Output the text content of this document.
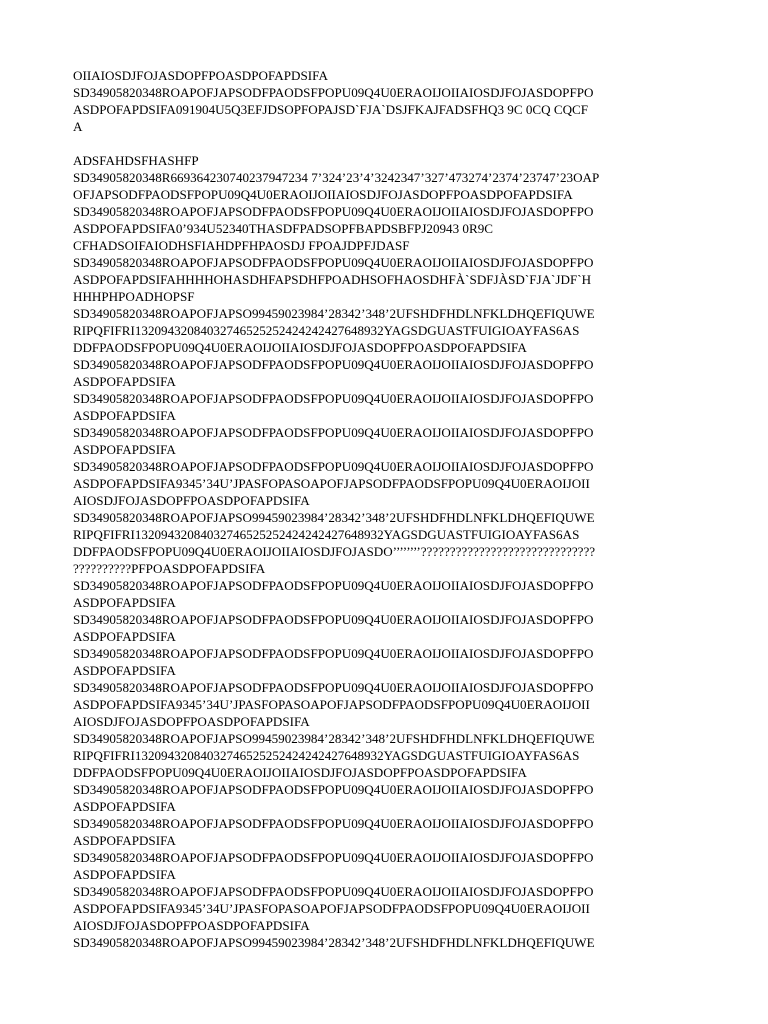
OIIAIOSDJFOJASDOPFPOASDPOFAPDSIFA
SD34905820348ROAPOFJAPSODFPAODSFPOPU09Q4U0ERAOIJOIIAIOSDJFOJASDOPFPO
ASDPOFAPDSIFA091904U5Q3EFJDSOPFOPAJSD`FJA`DSJFKAJFADSFHQ3 9C 0CQ CQCF
A

ADSFAHDSFHASHFP
SD34905820348R669364230740237947234 7’324’23’4’3242347’327’473274’2374’23747’23OAP
OFJAPSODFPAODSFPOPU09Q4U0ERAOIJOIIAIOSDJFOJASDOPFPOASDPOFAPDSIFA
SD34905820348ROAPOFJAPSODFPAODSFPOPU09Q4U0ERAOIJOIIAIOSDJFOJASDOPFPO
ASDPOFAPDSIFA0’934U52340THASDFPADSOPFBAPDSBFPJ20943 0R9C
CFHADSOIFAIODHSFIAHDPFHPAOSDJ FPOAJDPFJDASF
SD34905820348ROAPOFJAPSODFPAODSFPOPU09Q4U0ERAOIJOIIAIOSDJFOJASDOPFPO
ASDPOFAPDSIFAHHHHOHASDHFAPSDHFPOADHSOFHAOSDHFÀ`SDFJÀSD`FJA`JDF`H
HHHPHPOADHOPSF
SD34905820348ROAPOFJAPSO99459023984’28342’348’2UFSHDFHDLNFKLDHQEFIQUWE
RIPQFIFRI13209432084032746525252424242427648932YAGSDGUASTFUIGIOAYFAS6AS
DDFPAODSFPOPU09Q4U0ERAOIJOIIAIOSDJFOJASDOPFPOASDPOFAPDSIFA
SD34905820348ROAPOFJAPSODFPAODSFPOPU09Q4U0ERAOIJOIIAIOSDJFOJASDOPFPO
ASDPOFAPDSIFA
SD34905820348ROAPOFJAPSODFPAODSFPOPU09Q4U0ERAOIJOIIAIOSDJFOJASDOPFPO
ASDPOFAPDSIFA
SD34905820348ROAPOFJAPSODFPAODSFPOPU09Q4U0ERAOIJOIIAIOSDJFOJASDOPFPO
ASDPOFAPDSIFA
SD34905820348ROAPOFJAPSODFPAODSFPOPU09Q4U0ERAOIJOIIAIOSDJFOJASDOPFPO
ASDPOFAPDSIFA9345’34U’JPASFOPASOAPOFJAPSODFPAODSFPOPU09Q4U0ERAOIJOII
AIOSDJFOJASDOPFPOASDPOFAPDSIFA
SD34905820348ROAPOFJAPSO99459023984’28342’348’2UFSHDFHDLNFKLDHQEFIQUWE
RIPQFIFRI13209432084032746525252424242427648932YAGSDGUASTFUIGIOAYFAS6AS
DDFPAODSFPOPU09Q4U0ERAOIJOIIAIOSDJFOJASDO’’’’’’’’??????????????????????????????
??????????PFPOASDPOFAPDSIFA
SD34905820348ROAPOFJAPSODFPAODSFPOPU09Q4U0ERAOIJOIIAIOSDJFOJASDOPFPO
ASDPOFAPDSIFA
SD34905820348ROAPOFJAPSODFPAODSFPOPU09Q4U0ERAOIJOIIAIOSDJFOJASDOPFPO
ASDPOFAPDSIFA
SD34905820348ROAPOFJAPSODFPAODSFPOPU09Q4U0ERAOIJOIIAIOSDJFOJASDOPFPO
ASDPOFAPDSIFA
SD34905820348ROAPOFJAPSODFPAODSFPOPU09Q4U0ERAOIJOIIAIOSDJFOJASDOPFPO
ASDPOFAPDSIFA9345’34U’JPASFOPASOAPOFJAPSODFPAODSFPOPU09Q4U0ERAOIJOII
AIOSDJFOJASDOPFPOASDPOFAPDSIFA
SD34905820348ROAPOFJAPSO99459023984’28342’348’2UFSHDFHDLNFKLDHQEFIQUWE
RIPQFIFRI13209432084032746525252424242427648932YAGSDGUASTFUIGIOAYFAS6AS
DDFPAODSFPOPU09Q4U0ERAOIJOIIAIOSDJFOJASDOPFPOASDPOFAPDSIFA
SD34905820348ROAPOFJAPSODFPAODSFPOPU09Q4U0ERAOIJOIIAIOSDJFOJASDOPFPO
ASDPOFAPDSIFA
SD34905820348ROAPOFJAPSODFPAODSFPOPU09Q4U0ERAOIJOIIAIOSDJFOJASDOPFPO
ASDPOFAPDSIFA
SD34905820348ROAPOFJAPSODFPAODSFPOPU09Q4U0ERAOIJOIIAIOSDJFOJASDOPFPO
ASDPOFAPDSIFA
SD34905820348ROAPOFJAPSODFPAODSFPOPU09Q4U0ERAOIJOIIAIOSDJFOJASDOPFPO
ASDPOFAPDSIFA9345’34U’JPASFOPASOAPOFJAPSODFPAODSFPOPU09Q4U0ERAOIJOII
AIOSDJFOJASDOPFPOASDPOFAPDSIFA
SD34905820348ROAPOFJAPSO99459023984’28342’348’2UFSHDFHDLNFKLDHQEFIQUWE
